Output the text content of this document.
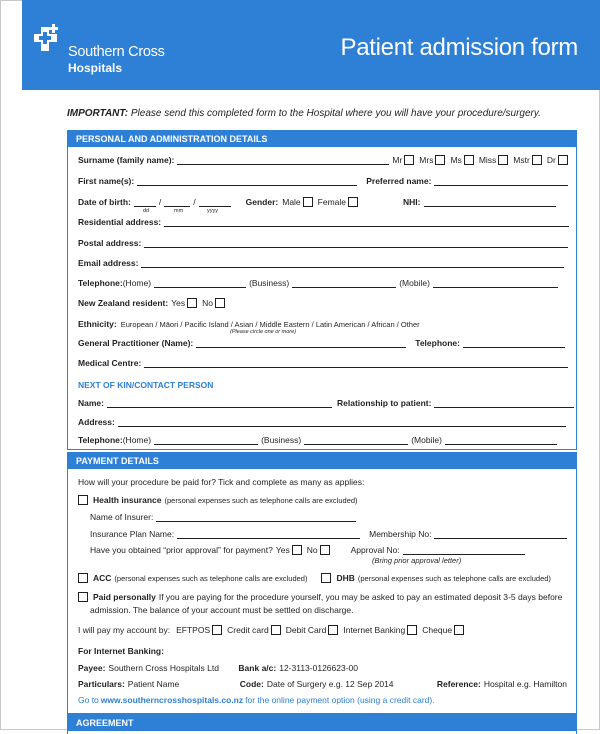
Southern Cross
Hospitals
Patient admission form
IMPORTANT: Please send this completed form to the Hospital where you will have your procedure/surgery.
PERSONAL AND ADMINISTRATION DETAILS
Surname (family name):	Mr Mrs Ms Miss Mstr Dr
First name(s):	Preferred name:
Date of birth:	/	/	Gender: Male Female	NHI:
dd	mm	yyyy
Residential address:
Postal address:
Email address:
Telephone: (Home)	(Business)	(Mobile)
New Zealand resident: Yes No
Ethnicity: European / Māori / Pacific Island / Asian / Middle Eastern / Latin American / African / Other
(Please circle one or more)
General Practitioner (Name):	Telephone:
Medical Centre:
NEXT OF KIN/CONTACT PERSON
Name:	Relationship to patient:
Address:
Telephone: (Home)	(Business)	(Mobile)
PAYMENT DETAILS
How will your procedure be paid for? Tick and complete as many as applies:
Health insurance (personal expenses such as telephone calls are excluded)
Name of Insurer:
Insurance Plan Name:	Membership No:
Have you obtained “prior approval” for payment? Yes No	Approval No:
(Bring prior approval letter)
ACC (personal expenses such as telephone calls are excluded)	DHB (personal expenses such as telephone calls are excluded)
Paid personally If you are paying for the procedure yourself, you may be asked to pay an estimated deposit 3-5 days before
admission. The balance of your account must be settled on discharge.
I will pay my account by: EFTPOS Credit card Debit Card Internet Banking Cheque
For Internet Banking:
Payee: Southern Cross Hospitals Ltd	Bank a/c: 12-3113-0126623-00
Particulars: Patient Name	Code: Date of Surgery e.g. 12 Sep 2014	Reference: Hospital e.g. Hamilton
Go to www.southerncrosshospitals.co.nz for the online payment option (using a credit card).
AGREEMENT
